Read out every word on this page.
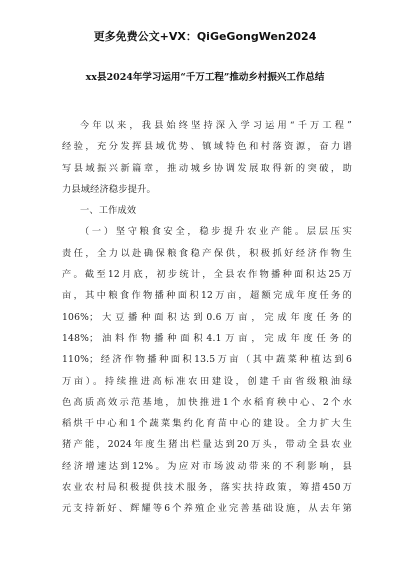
更多免费公文+VX：QiGeGongWen2024
xx县2024年学习运用“千万工程”推动乡村振兴工作总结
今年以来，我县始终坚持深入学习运用“千万工程”
经验，充分发挥县域优势、镇域特色和村落资源，奋力谱
写县域振兴新篇章，推动城乡协调发展取得新的突破，助
力县域经济稳步提升。
一、工作成效
（一）坚守粮食安全，稳步提升农业产能。层层压实
责任，全力以赴确保粮食稳产保供，积极抓好经济作物生
产。截至12月底，初步统计，全县农作物播种面积达25万
亩，其中粮食作物播种面积12万亩，超额完成年度任务的
106%；大豆播种面积达到0.6万亩，完成年度任务的
148%；油料作物播种面积4.1万亩，完成年度任务的
110%；经济作物播种面积13.5万亩（其中蔬菜种植达到6
万亩）。持续推进高标准农田建设，创建千亩省级粮油绿
色高质高效示范基地，加快推进1个水稻育秧中心、2个水
稻烘干中心和1个蔬菜集约化育苗中心的建设。全力扩大生
猪产能，2024年度生猪出栏量达到20万头，带动全县农业
经济增速达到12%。为应对市场波动带来的不利影响，县
农业农村局积极提供技术服务，落实扶持政策，筹措450万
元支持新好、辉耀等6个养殖企业完善基础设施，从去年第
